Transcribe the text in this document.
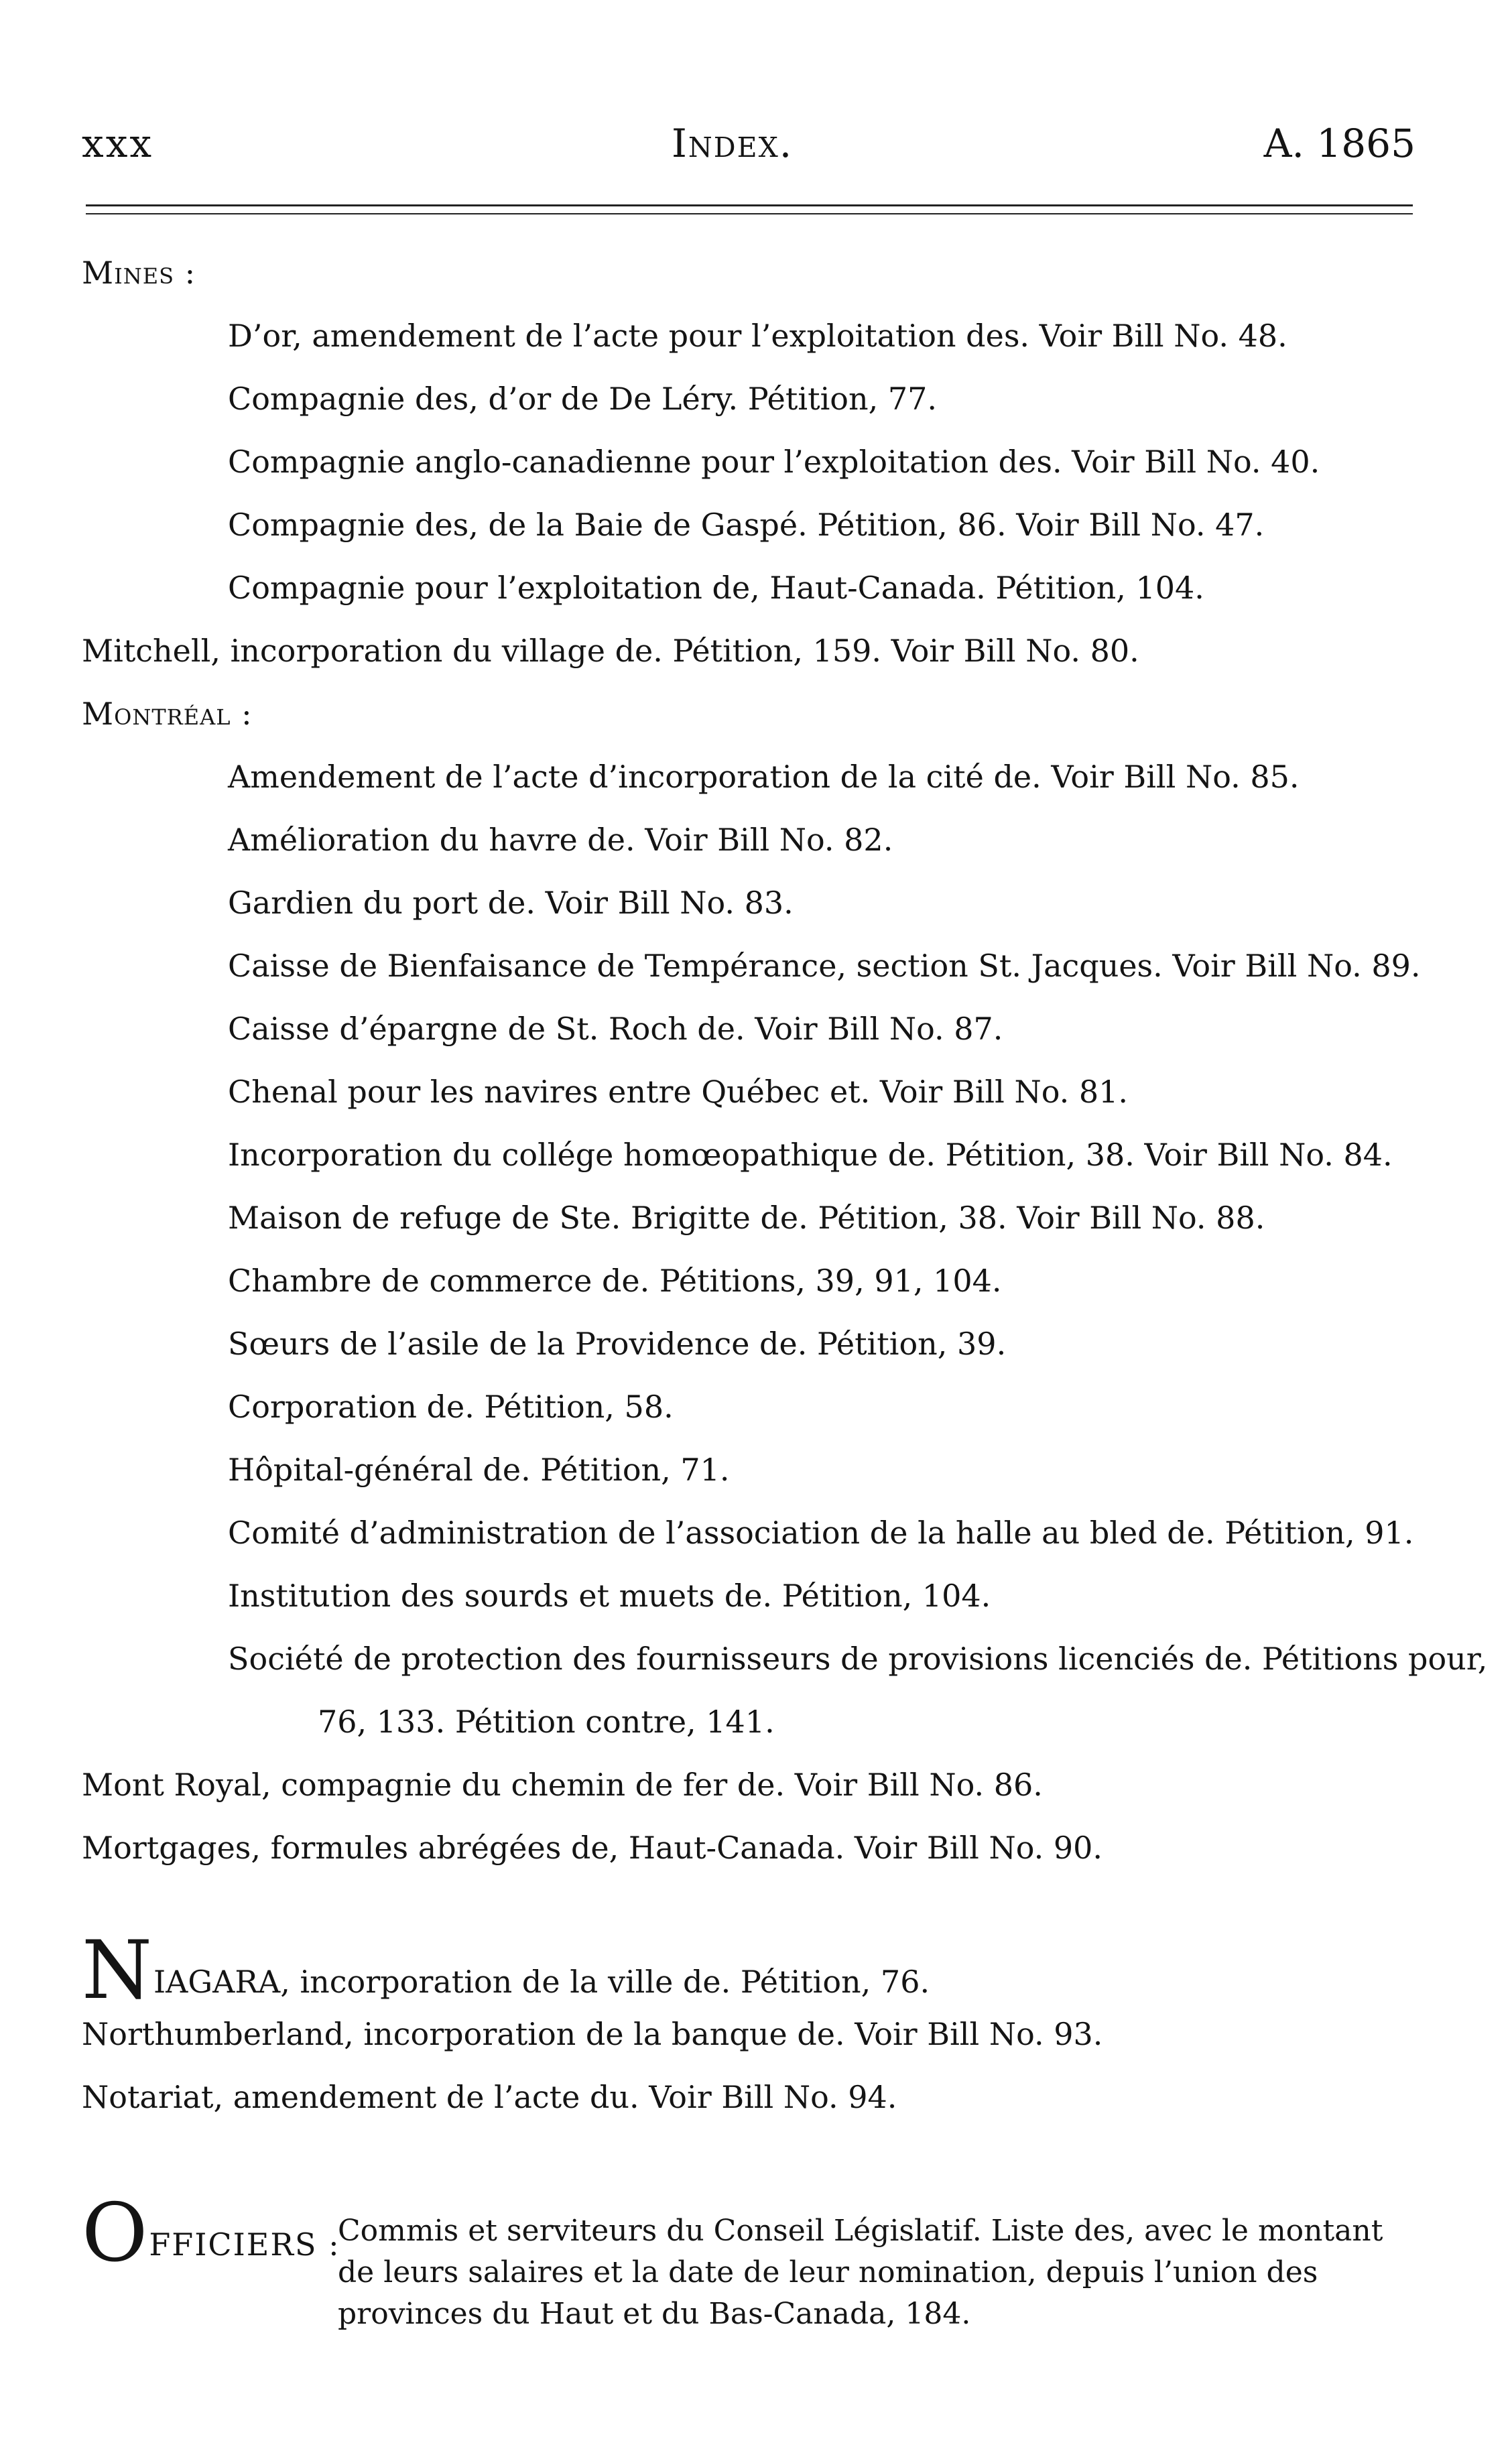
xxx	Index.	A. 1865
Mines :
D’or, amendement de l’acte pour l’exploitation des. Voir Bill No. 48.
Compagnie des, d’or de De Léry. Pétition, 77.
Compagnie anglo-canadienne pour l’exploitation des. Voir Bill No. 40.
Compagnie des, de la Baie de Gaspé. Pétition, 86. Voir Bill No. 47.
Compagnie pour l’exploitation de, Haut-Canada. Pétition, 104.
Mitchell, incorporation du village de. Pétition, 159. Voir Bill No. 80.
Montréal :
Amendement de l’acte d’incorporation de la cité de. Voir Bill No. 85.
Amélioration du havre de. Voir Bill No. 82.
Gardien du port de. Voir Bill No. 83.
Caisse de Bienfaisance de Tempérance, section St. Jacques. Voir Bill No. 89.
Caisse d’épargne de St. Roch de. Voir Bill No. 87.
Chenal pour les navires entre Québec et. Voir Bill No. 81.
Incorporation du collége homœopathique de. Pétition, 38. Voir Bill No. 84.
Maison de refuge de Ste. Brigitte de. Pétition, 38. Voir Bill No. 88.
Chambre de commerce de. Pétitions, 39, 91, 104.
Sœurs de l’asile de la Providence de. Pétition, 39.
Corporation de. Pétition, 58.
Hôpital-général de. Pétition, 71.
Comité d’administration de l’association de la halle au bled de. Pétition, 91.
Institution des sourds et muets de. Pétition, 104.
Société de protection des fournisseurs de provisions licenciés de. Pétitions pour,
76, 133. Pétition contre, 141.
Mont Royal, compagnie du chemin de fer de. Voir Bill No. 86.
Mortgages, formules abrégées de, Haut-Canada. Voir Bill No. 90.
NIAGARA, incorporation de la ville de. Pétition, 76.
Northumberland, incorporation de la banque de. Voir Bill No. 93.
Notariat, amendement de l’acte du. Voir Bill No. 94.
OFFICIERS :
Commis et serviteurs du Conseil Législatif. Liste des, avec le montant de leurs salaires et la date de leur nomination, depuis l’union des provinces du Haut et du Bas-Canada, 184.
